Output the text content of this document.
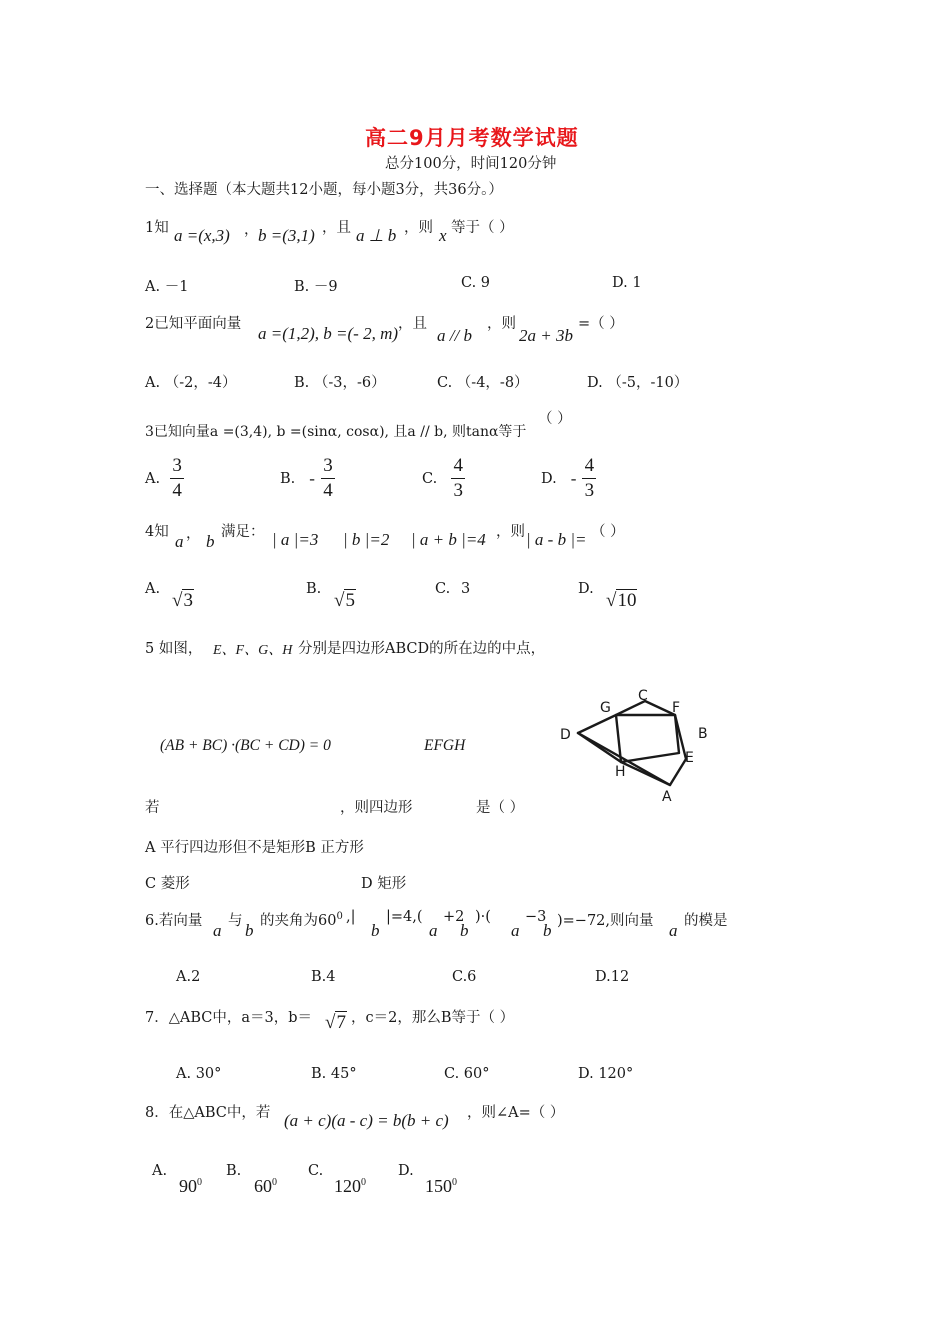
高二9月月考数学试题
总分100分，时间120分钟
一、选择题（本大题共12小题，每小题3分，共36分。）
1知 a =(x,3) ， b =(3,1) ，且 a ⊥ b ，则 x 等于（ ）
A. －1	B. －9	C. 9	D. 1
2已知平面向量 a =(1,2), b =(- 2, m) ，且
a // b
，则
2a + 3b
=（ ）
A. （-2，-4）	B. （-3，-6）	C. （-4，-8）	D. （-5，-10）
3已知向量a =(3,4), b =(sinα, cosα), 且a // b, 则tanα等于
（ ）
A. $\frac{3}{4}$	B. - $\frac{3}{4}$	C. $\frac{4}{3}$	D. - $\frac{4}{3}$
4知 a ， b 满足： | a |=3 | b |=2 | a + b |=4 ，则 | a - b |= （ ）
A.
√3
B.
√5
C. 3	D.
√10
5 如图， E、F、G、H 分别是四边形ABCD的所在边的中点，
(AB + BC) ·(BC + CD) = 0	EFGH
若	，则四边形	是（ ）
D
G
C
F
B
E
H
A
A 平行四边形但不是矩形B 正方形
C 菱形	D 矩形
6.若向量 a 与 b 的夹角为$60^0$ ,|
b
|=4,(
a
+2
b
)·(
a
−3
b )=−72,则向量 a 的模是
A.2	B.4	C.6	D.12
7．△ABC中，a＝3，b＝ √7 ，c＝2，那么B等于（ ）
A. 30°	B. 45°	C. 60°	D. 120°
8．在△ABC中，若 (a + c)(a - c) = b(b + c) ，则∠A=（ ）
A.
$90^0$
B.
$60^0$
C.
$120^0$
D.
$150^0$
